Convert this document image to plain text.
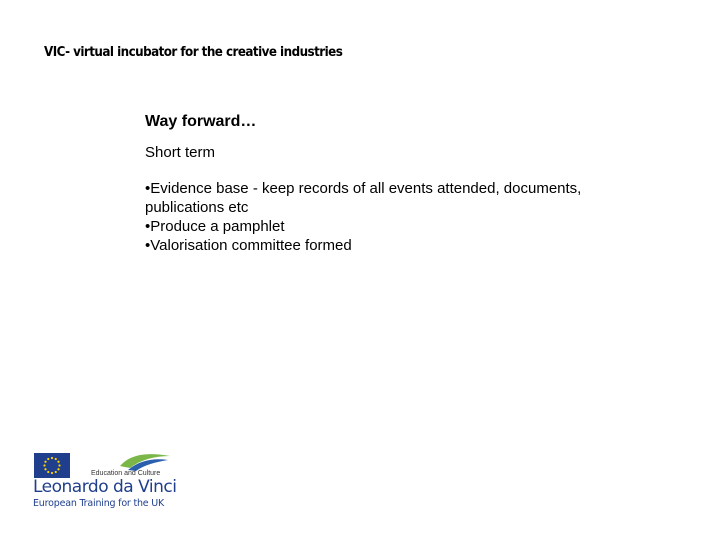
VIC- virtual incubator for the creative industries
Way forward…
Short term
•Evidence base - keep records of all events attended, documents,
publications etc
•Produce a pamphlet
•Valorisation committee formed
Education and Culture
Leonardo da Vinci
European Training for the UK
